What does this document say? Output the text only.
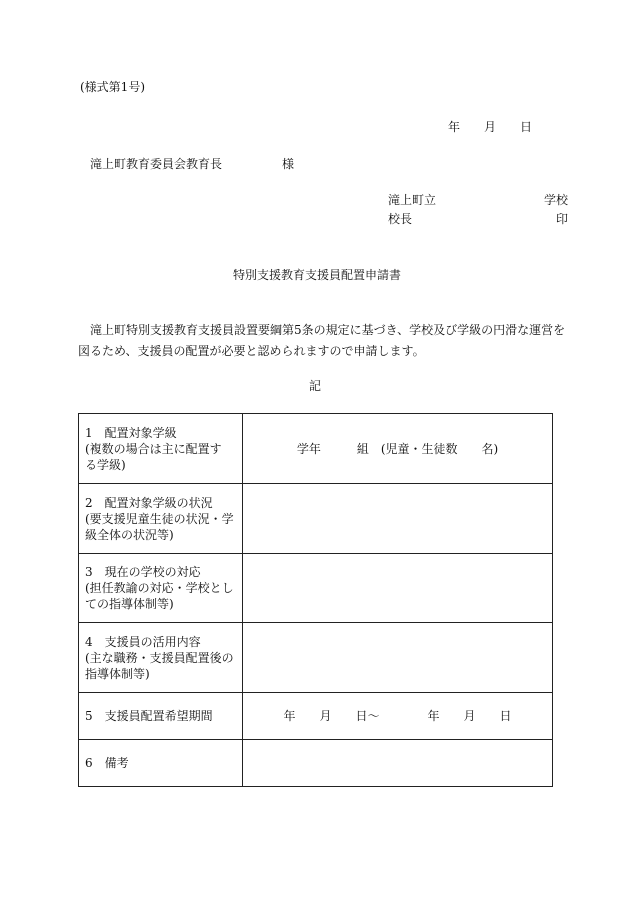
(様式第1号)
年　　月　　日
滝上町教育委員会教育長　　　　　様
滝上町立　　　　　　　　　学校
校長　　　　　　　　　　　　印
特別支援教育支援員配置申請書
滝上町特別支援教育支援員設置要綱第5条の規定に基づき、学校及び学級の円滑な運営を
図るため、支援員の配置が必要と認められますので申請します。
記
1　配置対象学級
(複数の場合は主に配置す
る学級)	学年　　　組　(児童・生徒数　　名)

2　配置対象学級の状況
(要支援児童生徒の状況・学
級全体の状況等)	

3　現在の学校の対応
(担任教諭の対応・学校とし
ての指導体制等)	

4　支援員の活用内容
(主な職務・支援員配置後の
指導体制等)	

5　支援員配置希望期間	年　　月　　日～　　　　年　　月　　日

6　備考	
